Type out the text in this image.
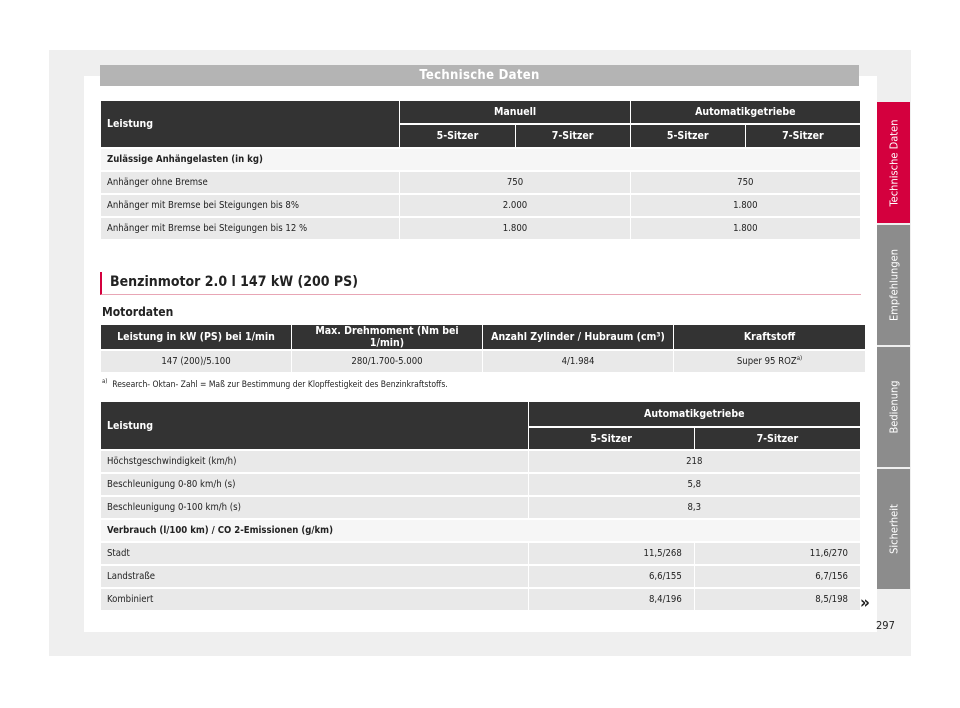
Technische Daten
Leistung	Manuell		Automatikgetriebe	
	5-Sitzer	7-Sitzer	5-Sitzer	7-Sitzer
Zulässige Anhängelasten (in kg)				
Anhänger ohne Bremse	750		750	
Anhänger mit Bremse bei Steigungen bis 8%	2.000		1.800	
Anhänger mit Bremse bei Steigungen bis 12 %	1.800		1.800	
Benzinmotor 2.0 l 147 kW (200 PS)
Motordaten
Leistung in kW (PS) bei 1/min	Max. Drehmoment (Nm bei 1/min)	Anzahl Zylinder / Hubraum (cm³)	Kraftstoff
147 (200)/5.100	280/1.700-5.000	4/1.984	Super 95 ROZ$^{a)}$
$^{a)}$ Research- Oktan- Zahl = Maß zur Bestimmung der Klopffestigkeit des Benzinkraftstoffs.
Leistung	Automatikgetriebe	
	5-Sitzer	7-Sitzer
Höchstgeschwindigkeit (km/h)	218	
Beschleunigung 0-80 km/h (s)	5,8	
Beschleunigung 0-100 km/h (s)	8,3	
Verbrauch (l/100 km) / CO 2-Emissionen (g/km)		
Stadt	11,5/268	11,6/270
Landstraße	6,6/155	6,7/156
Kombiniert	8,4/196	8,5/198 »
Technische Daten
Empfehlungen
Bedienung
Sicherheit
297
